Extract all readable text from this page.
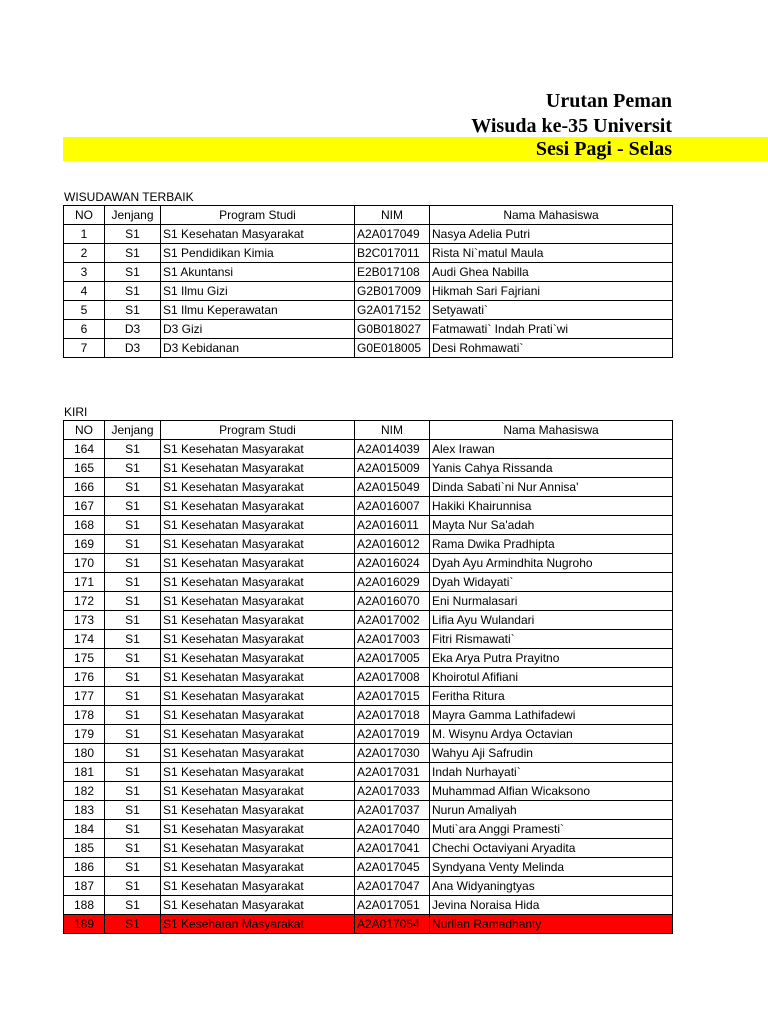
Urutan Peman
Wisuda ke-35 Universit
Sesi Pagi - Selas
WISUDAWAN TERBAIK
NO	Jenjang	Program Studi	NIM	Nama Mahasiswa
1	S1	S1 Kesehatan Masyarakat	A2A017049	Nasya Adelia Putri
2	S1	S1 Pendidikan Kimia	B2C017011	Rista Ni`matul Maula
3	S1	S1 Akuntansi	E2B017108	Audi Ghea Nabilla
4	S1	S1 Ilmu Gizi	G2B017009	Hikmah Sari Fajriani
5	S1	S1 Ilmu Keperawatan	G2A017152	Setyawati`
6	D3	D3 Gizi	G0B018027	Fatmawati` Indah Prati`wi
7	D3	D3 Kebidanan	G0E018005	Desi Rohmawati`
KIRI
NO	Jenjang	Program Studi	NIM	Nama Mahasiswa
164	S1	S1 Kesehatan Masyarakat	A2A014039	Alex Irawan
165	S1	S1 Kesehatan Masyarakat	A2A015009	Yanis Cahya Rissanda
166	S1	S1 Kesehatan Masyarakat	A2A015049	Dinda Sabati`ni Nur Annisa'
167	S1	S1 Kesehatan Masyarakat	A2A016007	Hakiki Khairunnisa
168	S1	S1 Kesehatan Masyarakat	A2A016011	Mayta Nur Sa'adah
169	S1	S1 Kesehatan Masyarakat	A2A016012	Rama Dwika Pradhipta
170	S1	S1 Kesehatan Masyarakat	A2A016024	Dyah Ayu Armindhita Nugroho
171	S1	S1 Kesehatan Masyarakat	A2A016029	Dyah Widayati`
172	S1	S1 Kesehatan Masyarakat	A2A016070	Eni Nurmalasari
173	S1	S1 Kesehatan Masyarakat	A2A017002	Lifia Ayu Wulandari
174	S1	S1 Kesehatan Masyarakat	A2A017003	Fitri Rismawati`
175	S1	S1 Kesehatan Masyarakat	A2A017005	Eka Arya Putra Prayitno
176	S1	S1 Kesehatan Masyarakat	A2A017008	Khoirotul Afifiani
177	S1	S1 Kesehatan Masyarakat	A2A017015	Feritha Ritura
178	S1	S1 Kesehatan Masyarakat	A2A017018	Mayra Gamma Lathifadewi
179	S1	S1 Kesehatan Masyarakat	A2A017019	M. Wisynu Ardya Octavian
180	S1	S1 Kesehatan Masyarakat	A2A017030	Wahyu Aji Safrudin
181	S1	S1 Kesehatan Masyarakat	A2A017031	Indah Nurhayati`
182	S1	S1 Kesehatan Masyarakat	A2A017033	Muhammad Alfian Wicaksono
183	S1	S1 Kesehatan Masyarakat	A2A017037	Nurun Amaliyah
184	S1	S1 Kesehatan Masyarakat	A2A017040	Muti`ara Anggi Pramesti`
185	S1	S1 Kesehatan Masyarakat	A2A017041	Chechi Octaviyani Aryadita
186	S1	S1 Kesehatan Masyarakat	A2A017045	Syndyana Venty Melinda
187	S1	S1 Kesehatan Masyarakat	A2A017047	Ana Widyaningtyas
188	S1	S1 Kesehatan Masyarakat	A2A017051	Jevina Noraisa Hida
189	S1	S1 Kesehatan Masyarakat	A2A017054	Nurlian Ramadhanty
